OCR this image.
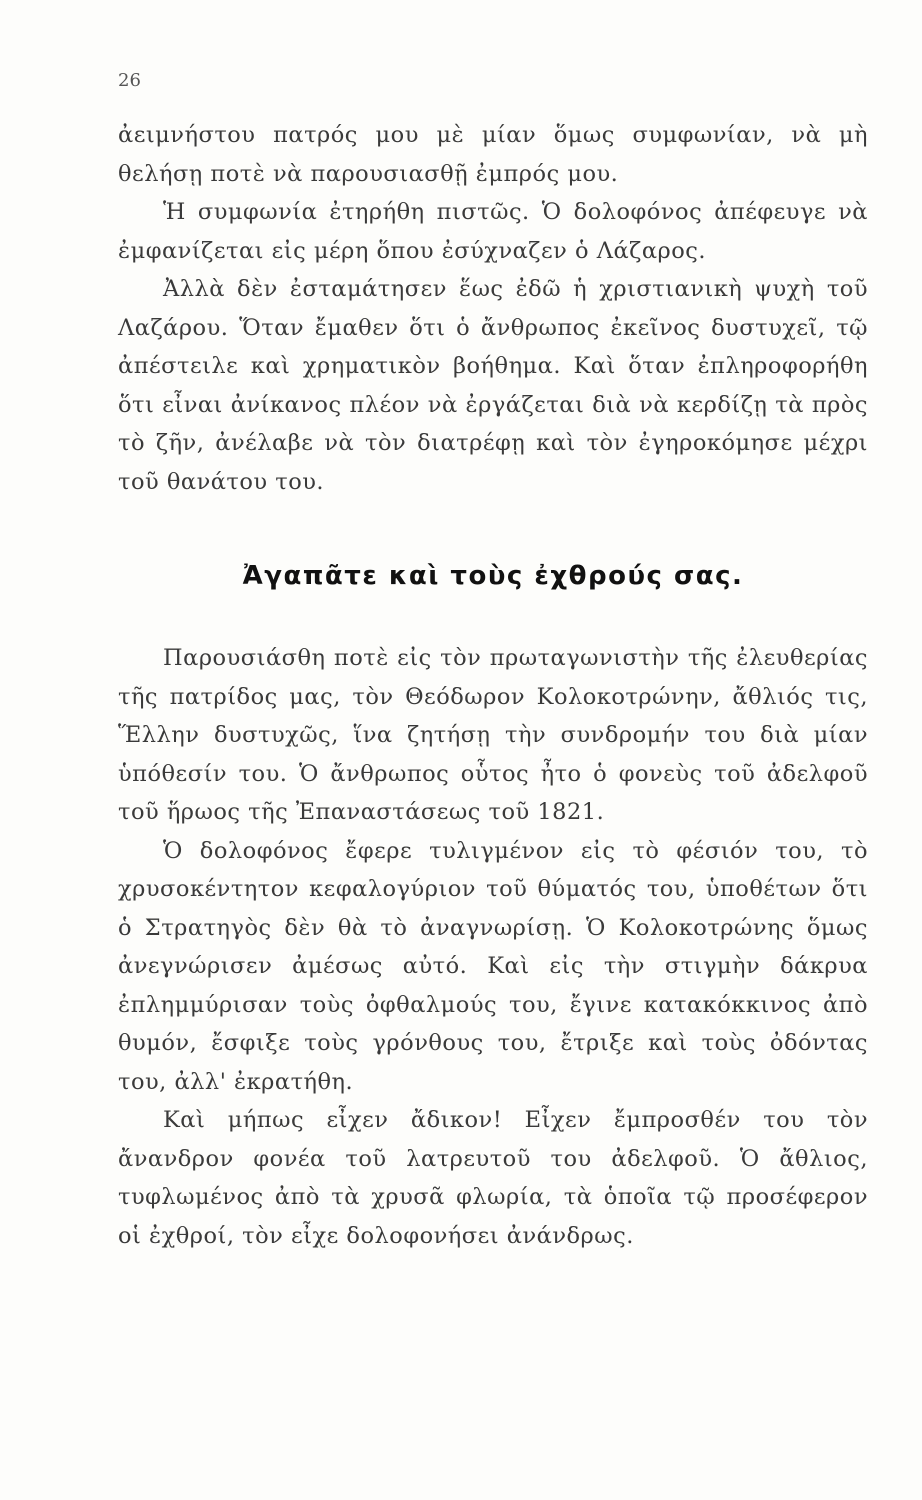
26

ἀειμνήστου πατρός μου μὲ μίαν ὅμως συμφωνίαν, νὰ μὴ θελήσῃ ποτὲ νὰ παρουσιασθῇ ἐμπρός μου.

Ἡ συμφωνία ἐτηρήθη πιστῶς. Ὁ δολοφόνος ἀπέφευγε νὰ ἐμφανίζεται εἰς μέρη ὅπου ἐσύχναζεν ὁ Λάζαρος.

Ἀλλὰ δὲν ἐσταμάτησεν ἕως ἐδῶ ἡ χριστιανικὴ ψυχὴ τοῦ Λαζάρου. Ὅταν ἔμαθεν ὅτι ὁ ἄνθρωπος ἐκεῖνος δυστυχεῖ, τῷ ἀπέστειλε καὶ χρηματικὸν βοήθημα. Καὶ ὅταν ἐπληροφορήθη ὅτι εἶναι ἀνίκανος πλέον νὰ ἐργάζεται διὰ νὰ κερδίζῃ τὰ πρὸς τὸ ζῆν, ἀνέλαβε νὰ τὸν διατρέφῃ καὶ τὸν ἐγηροκόμησε μέχρι τοῦ θανάτου του.

Ἀγαπᾶτε καὶ τοὺς ἐχθρούς σας.

Παρουσιάσθη ποτὲ εἰς τὸν πρωταγωνιστὴν τῆς ἐλευθερίας τῆς πατρίδος μας, τὸν Θεόδωρον Κολοκοτρώνην, ἄθλιός τις, Ἕλλην δυστυχῶς, ἵνα ζητήσῃ τὴν συνδρομήν του διὰ μίαν ὑπόθεσίν του. Ὁ ἄνθρωπος οὗτος ἦτο ὁ φονεὺς τοῦ ἀδελφοῦ τοῦ ἥρωος τῆς Ἐπαναστάσεως τοῦ 1821.

Ὁ δολοφόνος ἔφερε τυλιγμένον εἰς τὸ φέσιόν του, τὸ χρυσοκέντητον κεφαλογύριον τοῦ θύματός του, ὑποθέτων ὅτι ὁ Στρατηγὸς δὲν θὰ τὸ ἀναγνωρίσῃ. Ὁ Κολοκοτρώνης ὅμως ἀνεγνώρισεν ἀμέσως αὐτό. Καὶ εἰς τὴν στιγμὴν δάκρυα ἐπλημμύρισαν τοὺς ὀφθαλμούς του, ἔγινε κατακόκκινος ἀπὸ θυμόν, ἔσφιξε τοὺς γρόνθους του, ἔτριξε καὶ τοὺς ὀδόντας του, ἀλλ' ἐκρατήθη.

Καὶ μήπως εἶχεν ἄδικον! Εἶχεν ἔμπροσθέν του τὸν ἄνανδρον φονέα τοῦ λατρευτοῦ του ἀδελφοῦ. Ὁ ἄθλιος, τυφλωμένος ἀπὸ τὰ χρυσᾶ φλωρία, τὰ ὁποῖα τῷ προσέφερον οἱ ἐχθροί, τὸν εἶχε δολοφονήσει ἀνάνδρως.
